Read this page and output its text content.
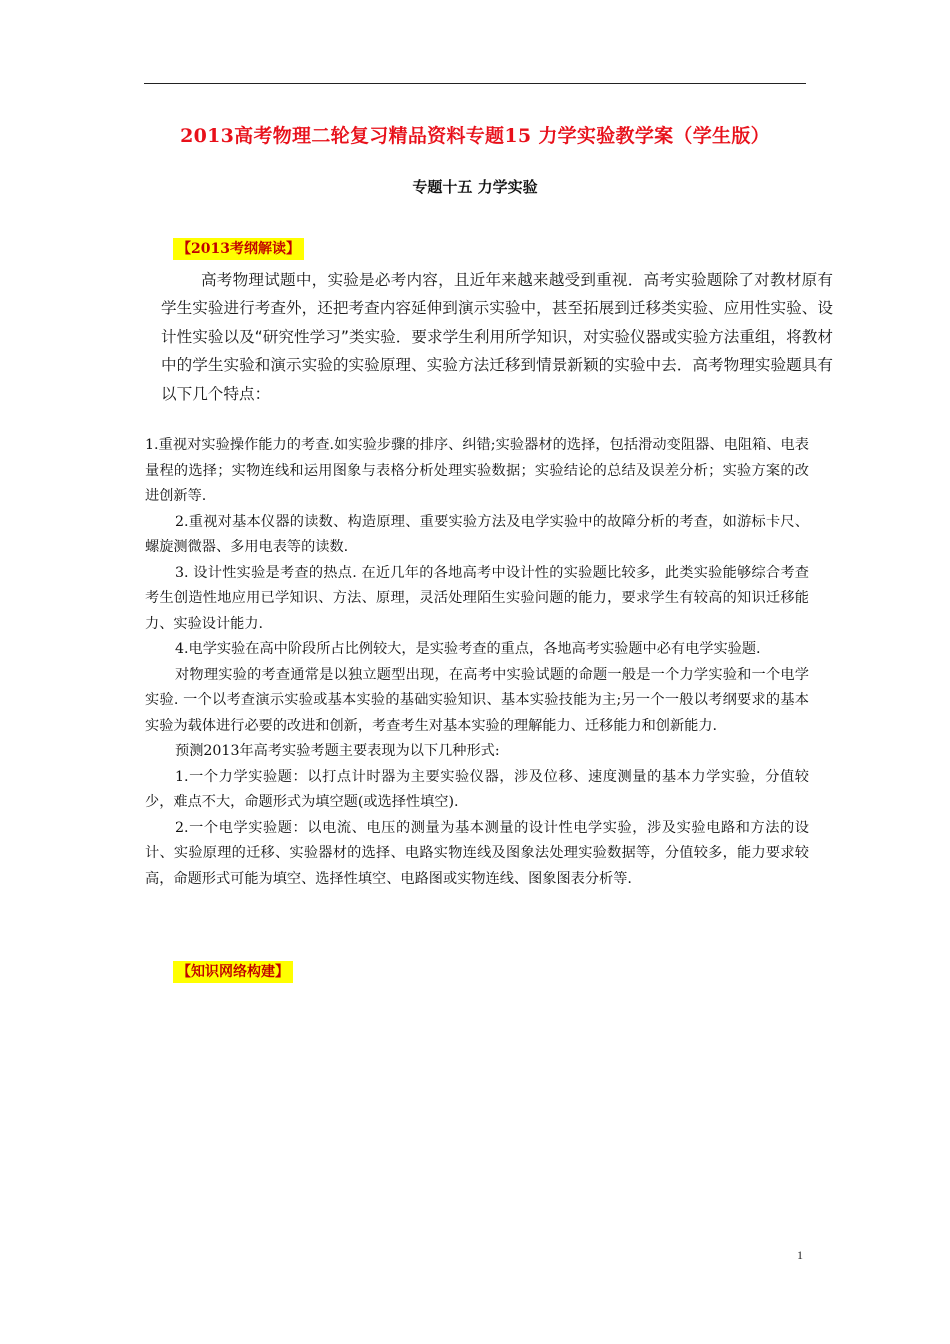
2013高考物理二轮复习精品资料专题15 力学实验教学案（学生版）
专题十五 力学实验
【2013考纲解读】
高考物理试题中，实验是必考内容，且近年来越来越受到重视．高考实验题除了对教材原有学生实验进行考查外，还把考查内容延伸到演示实验中，甚至拓展到迁移类实验、应用性实验、设计性实验以及“研究性学习”类实验．要求学生利用所学知识，对实验仪器或实验方法重组，将教材中的学生实验和演示实验的实验原理、实验方法迁移到情景新颖的实验中去．高考物理实验题具有以下几个特点：

1.重视对实验操作能力的考查.如实验步骤的排序、纠错;实验器材的选择，包括滑动变阻器、电阻箱、电表量程的选择；实物连线和运用图象与表格分析处理实验数据；实验结论的总结及误差分析；实验方案的改进创新等.

2.重视对基本仪器的读数、构造原理、重要实验方法及电学实验中的故障分析的考查，如游标卡尺、螺旋测微器、多用电表等的读数.

3. 设计性实验是考查的热点. 在近几年的各地高考中设计性的实验题比较多，此类实验能够综合考查考生创造性地应用已学知识、方法、原理，灵活处理陌生实验问题的能力，要求学生有较高的知识迁移能力、实验设计能力.

4.电学实验在高中阶段所占比例较大，是实验考查的重点，各地高考实验题中必有电学实验题.

对物理实验的考查通常是以独立题型出现，在高考中实验试题的命题一般是一个力学实验和一个电学实验. 一个以考查演示实验或基本实验的基础实验知识、基本实验技能为主;另一个一般以考纲要求的基本实验为载体进行必要的改进和创新，考查考生对基本实验的理解能力、迁移能力和创新能力.

预测2013年高考实验考题主要表现为以下几种形式:

1.一个力学实验题：以打点计时器为主要实验仪器，涉及位移、速度测量的基本力学实验，分值较少，难点不大，命题形式为填空题(或选择性填空).

2.一个电学实验题：以电流、电压的测量为基本测量的设计性电学实验，涉及实验电路和方法的设计、实验原理的迁移、实验器材的选择、电路实物连线及图象法处理实验数据等，分值较多，能力要求较高，命题形式可能为填空、选择性填空、电路图或实物连线、图象图表分析等.

【知识网络构建】
1
